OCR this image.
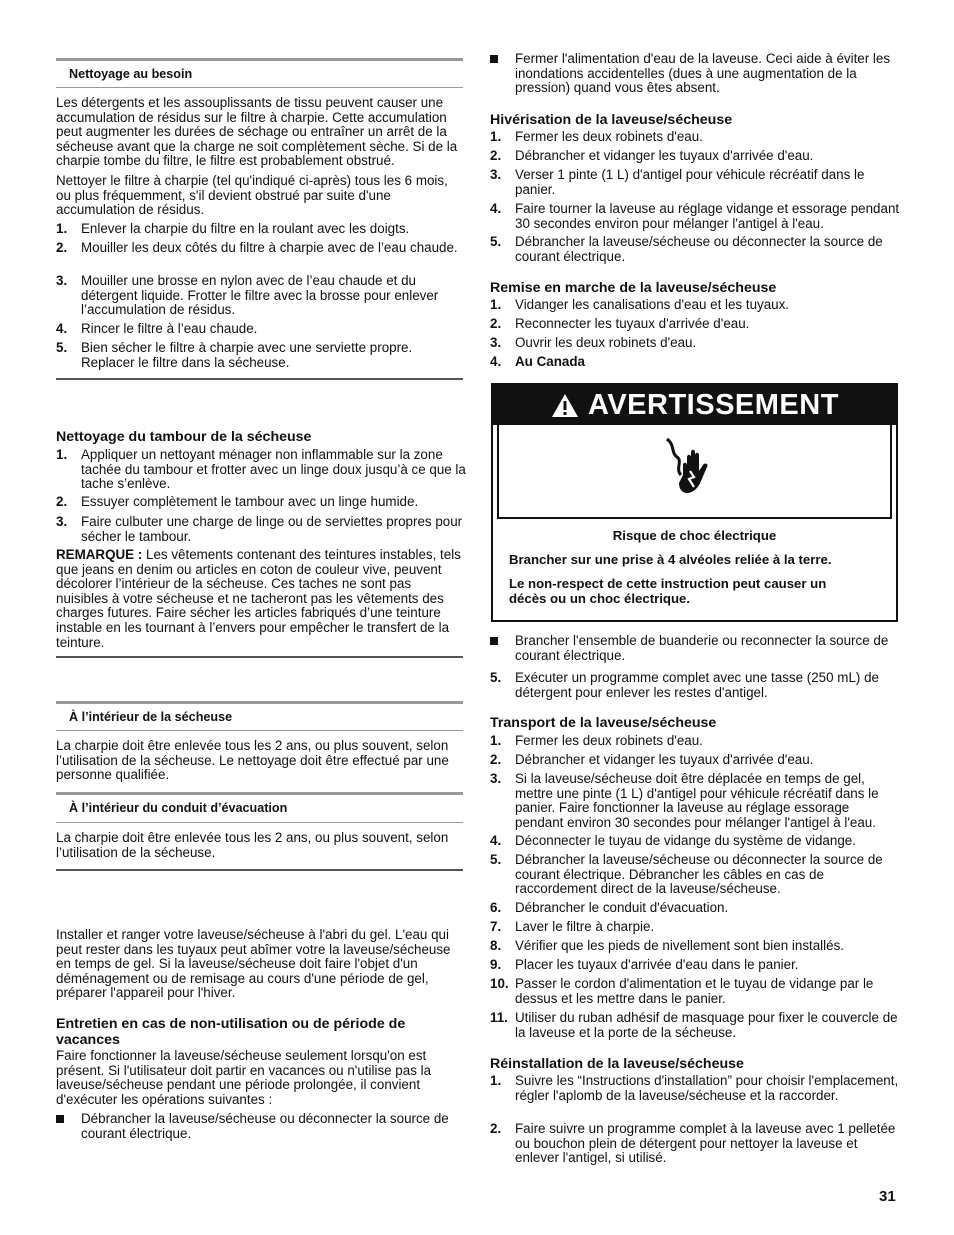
Nettoyage au besoin

Les détergents et les assouplissants de tissu peuvent causer une accumulation de résidus sur le filtre à charpie. Cette accumulation peut augmenter les durées de séchage ou entraîner un arrêt de la sécheuse avant que la charge ne soit complètement sèche. Si de la charpie tombe du filtre, le filtre est probablement obstrué.

Nettoyer le filtre à charpie (tel qu'indiqué ci-après) tous les 6 mois, ou plus fréquemment, s'il devient obstrué par suite d'une accumulation de résidus.

1.	Enlever la charpie du filtre en la roulant avec les doigts.
2.	Mouiller les deux côtés du filtre à charpie avec de l’eau chaude.
3.	Mouiller une brosse en nylon avec de l’eau chaude et du détergent liquide. Frotter le filtre avec la brosse pour enlever l’accumulation de résidus.
4.	Rincer le filtre à l’eau chaude.
5.	Bien sécher le filtre à charpie avec une serviette propre. Replacer le filtre dans la sécheuse.
Nettoyage du tambour de la sécheuse
1.	Appliquer un nettoyant ménager non inflammable sur la zone tachée du tambour et frotter avec un linge doux jusqu’à ce que la tache s’enlève.
2.	Essuyer complètement le tambour avec un linge humide.
3.	Faire culbuter une charge de linge ou de serviettes propres pour sécher le tambour.

REMARQUE : Les vêtements contenant des teintures instables, tels que jeans en denim ou articles en coton de couleur vive, peuvent décolorer l’intérieur de la sécheuse. Ces taches ne sont pas nuisibles à votre sécheuse et ne tacheront pas les vêtements des charges futures. Faire sécher les articles fabriqués d’une teinture instable en les tournant à l’envers pour empêcher le transfert de la teinture.

À l’intérieur de la sécheuse

La charpie doit être enlevée tous les 2 ans, ou plus souvent, selon l’utilisation de la sécheuse. Le nettoyage doit être effectué par une personne qualifiée.

À l’intérieur du conduit d’évacuation

La charpie doit être enlevée tous les 2 ans, ou plus souvent, selon l’utilisation de la sécheuse.

Installer et ranger votre laveuse/sécheuse à l'abri du gel. L'eau qui peut rester dans les tuyaux peut abîmer votre la laveuse/sécheuse en temps de gel. Si la laveuse/sécheuse doit faire l'objet d'un déménagement ou de remisage au cours d'une période de gel, préparer l'appareil pour l'hiver.

Entretien en cas de non-utilisation ou de période de vacances

Faire fonctionner la laveuse/sécheuse seulement lorsqu'on est présent. Si l'utilisateur doit partir en vacances ou n'utilise pas la laveuse/sécheuse pendant une période prolongée, il convient d'exécuter les opérations suivantes :

Débrancher la laveuse/sécheuse ou déconnecter la source de courant électrique.
Fermer l'alimentation d'eau de la laveuse. Ceci aide à éviter les inondations accidentelles (dues à une augmentation de la pression) quand vous êtes absent.
Hivérisation de la laveuse/sécheuse
1.	Fermer les deux robinets d'eau.
2.	Débrancher et vidanger les tuyaux d'arrivée d'eau.
3.	Verser 1 pinte (1 L) d'antigel pour véhicule récréatif dans le panier.
4.	Faire tourner la laveuse au réglage vidange et essorage pendant 30 secondes environ pour mélanger l'antigel à l'eau.
5.	Débrancher la laveuse/sécheuse ou déconnecter la source de courant électrique.
Remise en marche de la laveuse/sécheuse
1.	Vidanger les canalisations d'eau et les tuyaux.
2.	Reconnecter les tuyaux d'arrivée d'eau.
3.	Ouvrir les deux robinets d'eau.
4.	Au Canada
AVERTISSEMENT
Risque de choc électrique
Brancher sur une prise à 4 alvéoles reliée à la terre.
Le non-respect de cette instruction peut causer un décès ou un choc électrique.
Brancher l'ensemble de buanderie ou reconnecter la source de courant électrique.
5.	Exécuter un programme complet avec une tasse (250 mL) de détergent pour enlever les restes d'antigel.
Transport de la laveuse/sécheuse
1.	Fermer les deux robinets d'eau.
2.	Débrancher et vidanger les tuyaux d'arrivée d'eau.
3.	Si la laveuse/sécheuse doit être déplacée en temps de gel, mettre une pinte (1 L) d'antigel pour véhicule récréatif dans le panier. Faire fonctionner la laveuse au réglage essorage pendant environ 30 secondes pour mélanger l'antigel à l'eau.
4.	Déconnecter le tuyau de vidange du système de vidange.
5.	Débrancher la laveuse/sécheuse ou déconnecter la source de courant électrique. Débrancher les câbles en cas de raccordement direct de la laveuse/sécheuse.
6.	Débrancher le conduit d'évacuation.
7.	Laver le filtre à charpie.
8.	Vérifier que les pieds de nivellement sont bien installés.
9.	Placer les tuyaux d'arrivée d'eau dans le panier.
10. Passer le cordon d'alimentation et le tuyau de vidange par le dessus et les mettre dans le panier.
11. Utiliser du ruban adhésif de masquage pour fixer le couvercle de la laveuse et la porte de la sécheuse.
Réinstallation de la laveuse/sécheuse
1.	Suivre les “Instructions d'installation” pour choisir l'emplacement, régler l'aplomb de la laveuse/sécheuse et la raccorder.
2.	Faire suivre un programme complet à la laveuse avec 1 pelletée ou bouchon plein de détergent pour nettoyer la laveuse et enlever l'antigel, si utilisé.
31
